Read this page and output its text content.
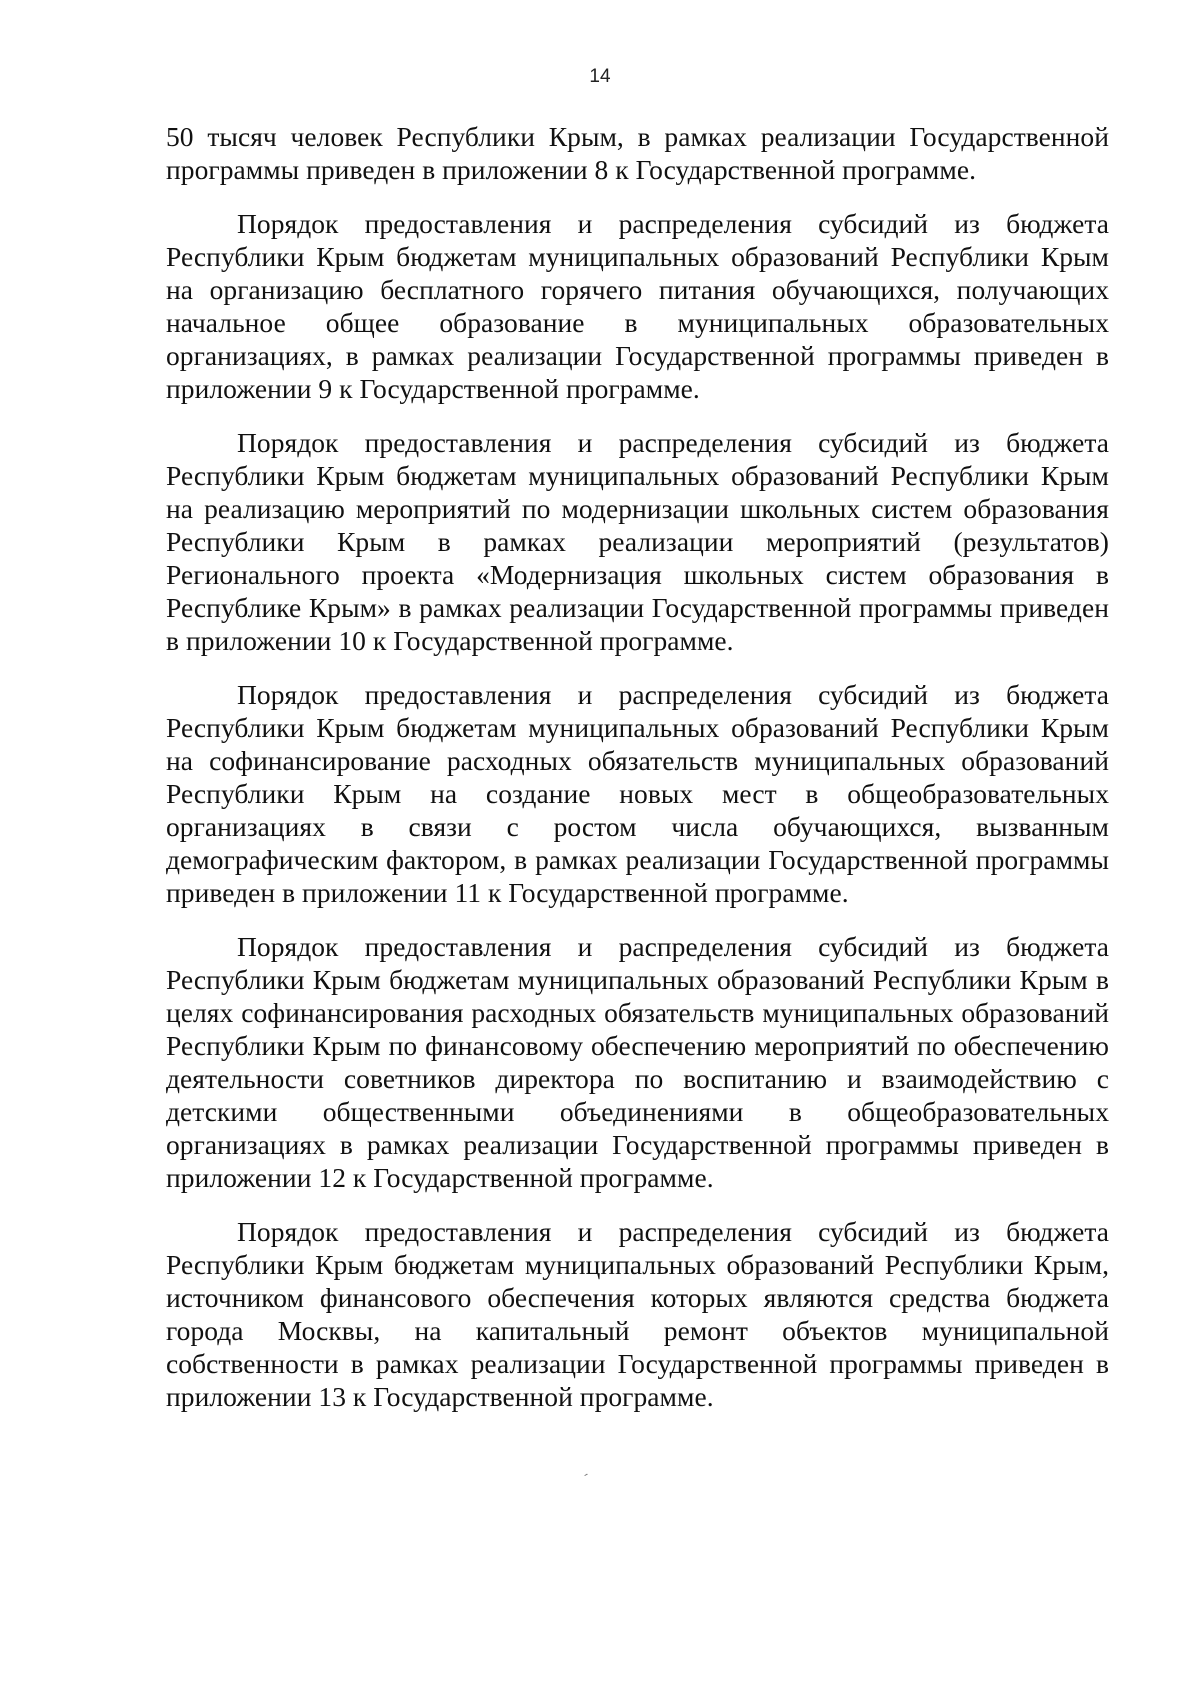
14

50 тысяч человек Республики Крым, в рамках реализации Государственной программы приведен в приложении 8 к Государственной программе.

Порядок предоставления и распределения субсидий из бюджета Республики Крым бюджетам муниципальных образований Республики Крым на организацию бесплатного горячего питания обучающихся, получающих начальное общее образование в муниципальных образовательных организациях, в рамках реализации Государственной программы приведен в приложении 9 к Государственной программе.

Порядок предоставления и распределения субсидий из бюджета Республики Крым бюджетам муниципальных образований Республики Крым на реализацию мероприятий по модернизации школьных систем образования Республики Крым в рамках реализации мероприятий (результатов) Регионального проекта «Модернизация школьных систем образования в Республике Крым» в рамках реализации Государственной программы приведен в приложении 10 к Государственной программе.

Порядок предоставления и распределения субсидий из бюджета Республики Крым бюджетам муниципальных образований Республики Крым на софинансирование расходных обязательств муниципальных образований Республики Крым на создание новых мест в общеобразовательных организациях в связи с ростом числа обучающихся, вызванным демографическим фактором, в рамках реализации Государственной программы приведен в приложении 11 к Государственной программе.

Порядок предоставления и распределения субсидий из бюджета Республики Крым бюджетам муниципальных образований Республики Крым в целях софинансирования расходных обязательств муниципальных образований Республики Крым по финансовому обеспечению мероприятий по обеспечению деятельности советников директора по воспитанию и взаимодействию с детскими общественными объединениями в общеобразовательных организациях в рамках реализации Государственной программы приведен в приложении 12 к Государственной программе.

Порядок предоставления и распределения субсидий из бюджета Республики Крым бюджетам муниципальных образований Республики Крым, источником финансового обеспечения которых являются средства бюджета города Москвы, на капитальный ремонт объектов муниципальной собственности в рамках реализации Государственной программы приведен в приложении 13 к Государственной программе.

ˏ
